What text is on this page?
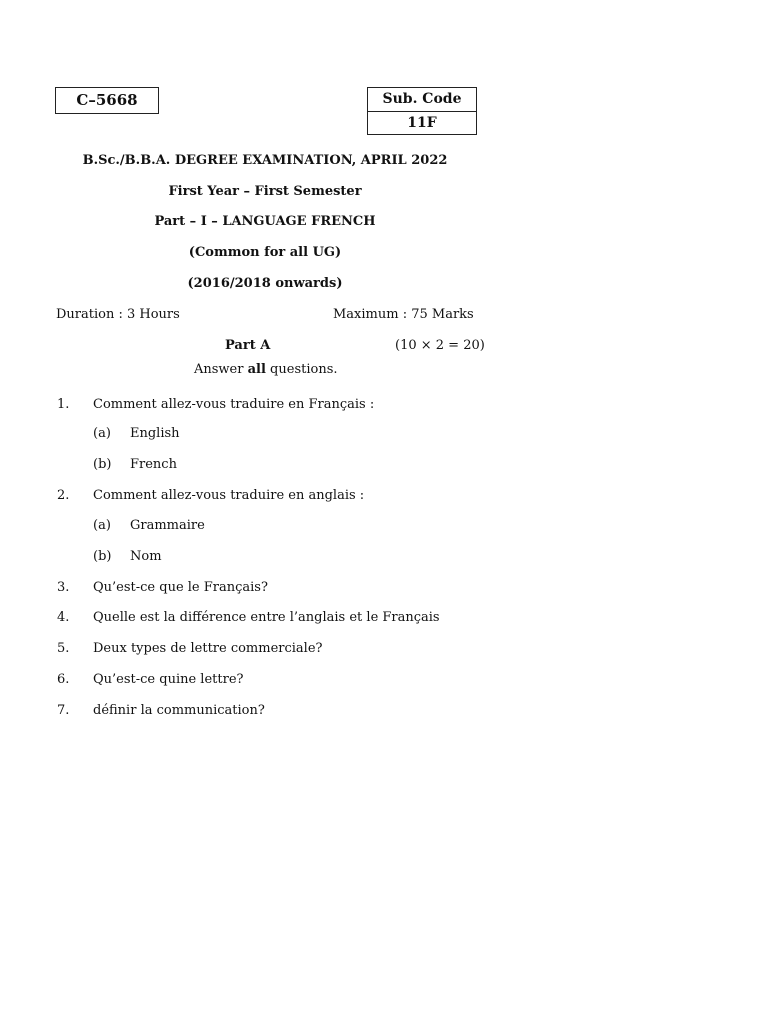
C–5668	Sub. Code
11F
B.Sc./B.B.A. DEGREE EXAMINATION, APRIL 2022
First Year – First Semester
Part – I – LANGUAGE FRENCH
(Common for all UG)
(2016/2018 onwards)
Duration : 3 Hours	Maximum : 75 Marks
Part A	(10 × 2 = 20)
Answer all questions.
1. Comment allez-vous traduire en Français :
(a) English
(b) French
2. Comment allez-vous traduire en anglais :
(a) Grammaire
(b) Nom
3. Qu’est-ce que le Français?
4. Quelle est la différence entre l’anglais et le Français
5. Deux types de lettre commerciale?
6. Qu’est-ce quine lettre?
7. définir la communication?
